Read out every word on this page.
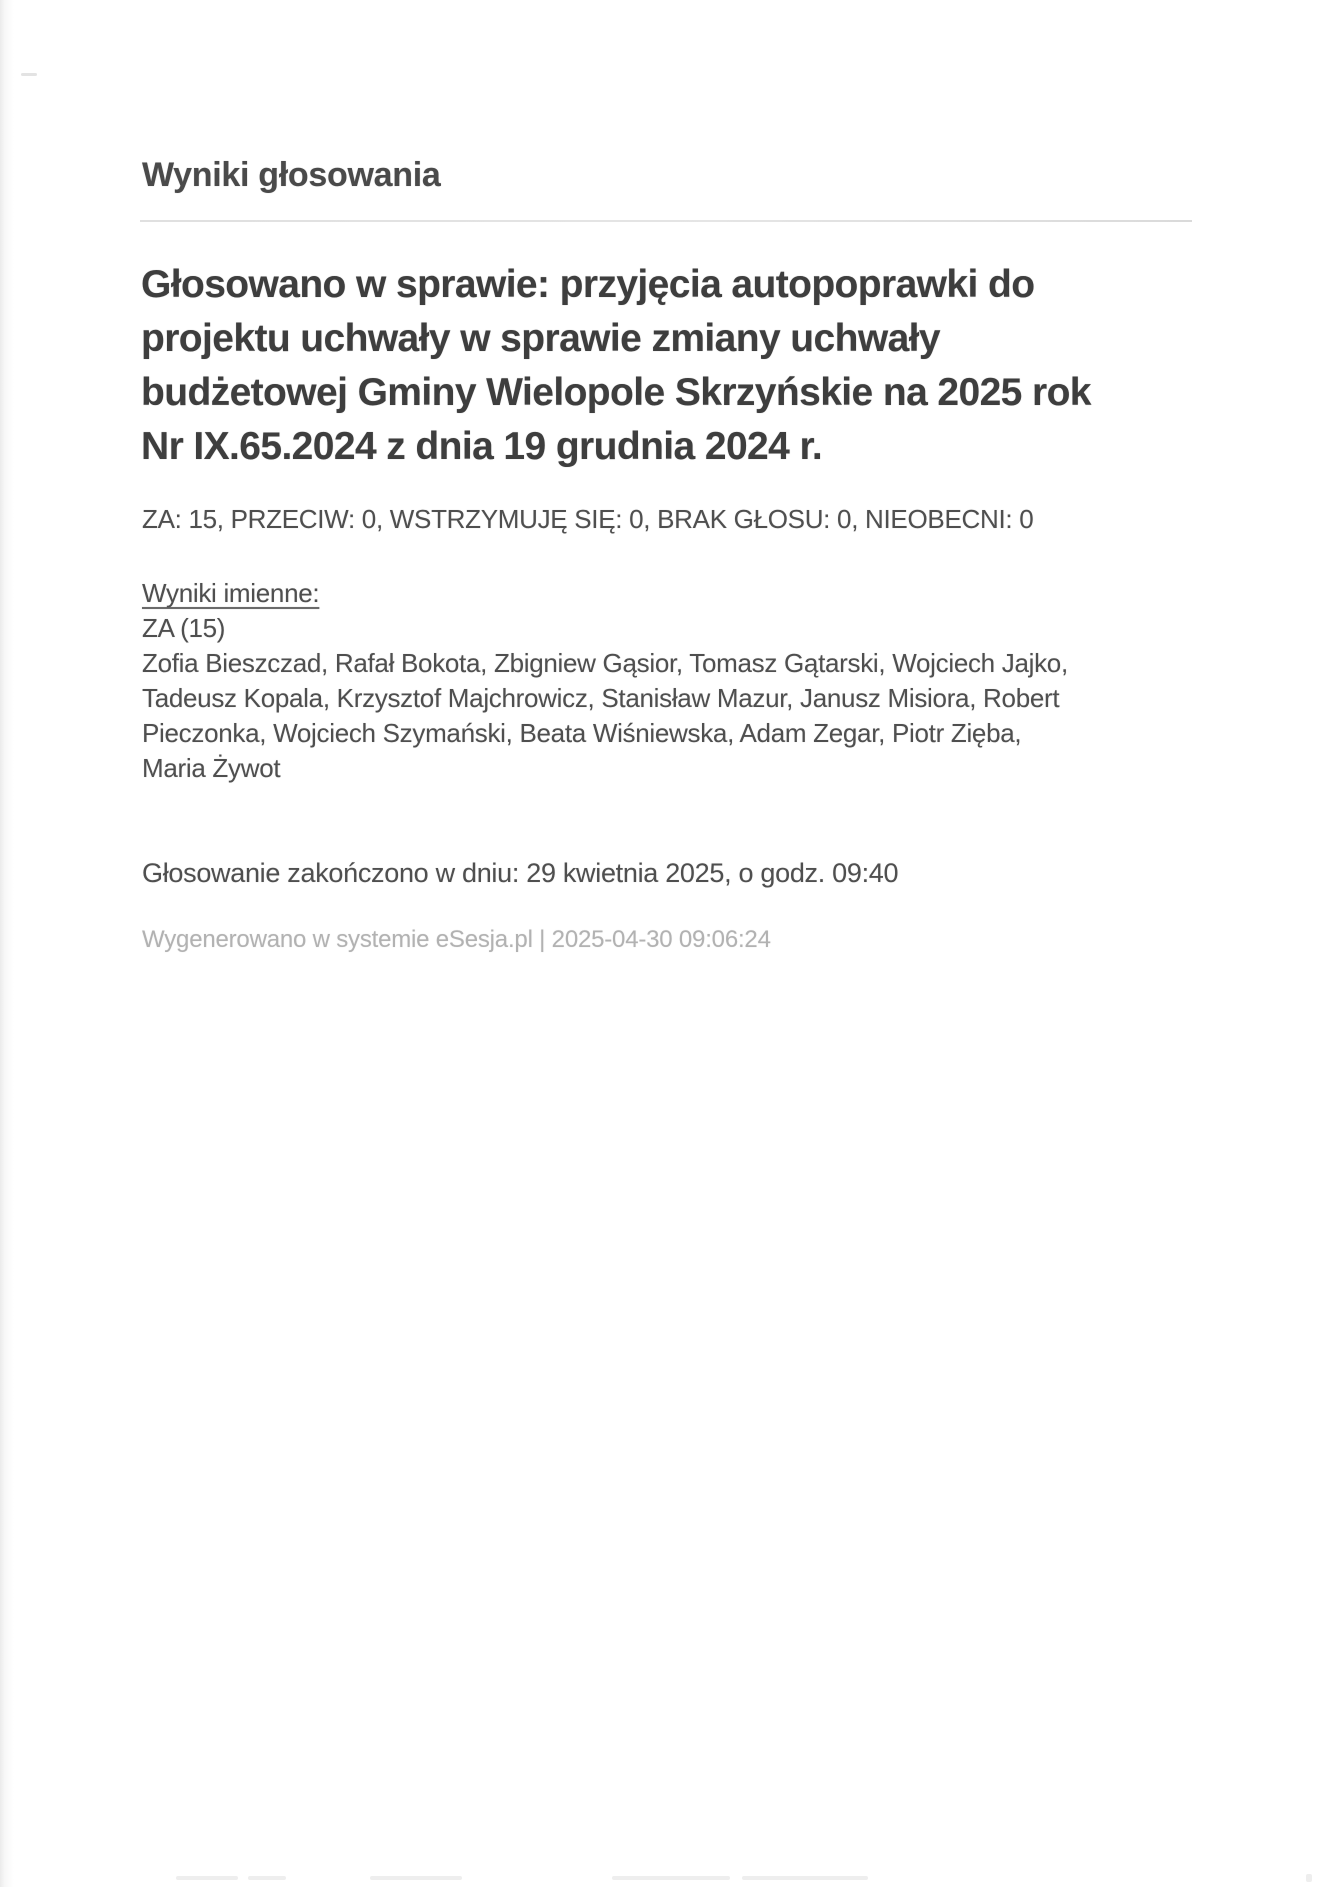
Wyniki głosowania
Głosowano w sprawie: przyjęcia autopoprawki do
projektu uchwały w sprawie zmiany uchwały
budżetowej Gminy Wielopole Skrzyńskie na 2025 rok
Nr IX.65.2024 z dnia 19 grudnia 2024 r.
ZA: 15, PRZECIW: 0, WSTRZYMUJĘ SIĘ: 0, BRAK GŁOSU: 0, NIEOBECNI: 0
Wyniki imienne:
ZA (15)
Zofia Bieszczad, Rafał Bokota, Zbigniew Gąsior, Tomasz Gątarski, Wojciech Jajko,
Tadeusz Kopala, Krzysztof Majchrowicz, Stanisław Mazur, Janusz Misiora, Robert
Pieczonka, Wojciech Szymański, Beata Wiśniewska, Adam Zegar, Piotr Zięba,
Maria Żywot
Głosowanie zakończono w dniu: 29 kwietnia 2025, o godz. 09:40
Wygenerowano w systemie eSesja.pl | 2025-04-30 09:06:24
